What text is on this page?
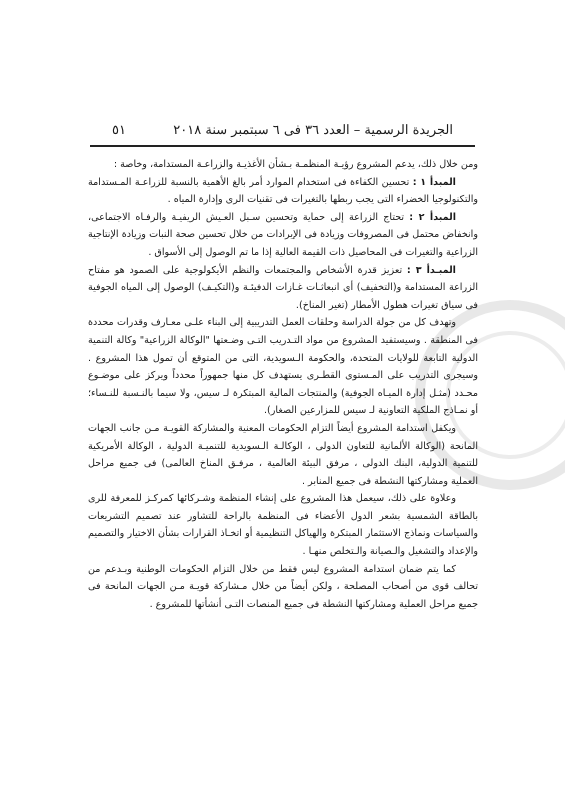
الجريدة الرسمية – العدد ٣٦ فى ٦ سبتمبر سنة ٢٠١٨
٥١

ومن خلال ذلك، يدعم المشروع رؤيـة المنظمـة بـشأن الأغذيـة والزراعـة المستدامة، وخاصة :

المبدأ ١ : تحسين الكفاءة فى استخدام الموارد أمر بالغ الأهمية بالنسبة للزراعـة المـستدامة والتكنولوجيا الخضراء التى يجب ربطها بالتغيرات فى تقنيات الرى وإدارة المياه .

المبدأ ٢ : تحتاج الزراعة إلى حماية وتحسين سـبل العـيش الريفيـة والرفـاه الاجتماعى، وانخفاض محتمل فى المصروفات وزيادة فى الإيرادات من خلال تحسين صحة النبات وزيادة الإنتاجية الزراعية والتغيرات فى المحاصيل ذات القيمة العالية إذا ما تم الوصول إلى الأسواق .

المبـدأ ٣ : تعزيز قدرة الأشخاص والمجتمعات والنظم الأيكولوجية على الصمود هو مفتاح الزراعة المستدامة و(التخفيف) أى انبعاثـات غـازات الدفيئـة و(التكيـف) الوصول إلى المياه الجوفية فى سياق تغيرات هطول الأمطار (تغير المناخ).

وتهدف كل من جولة الدراسة وحلقات العمل التدريبية إلى البناء علـى معـارف وقدرات محددة فى المنطقة . وسيستفيد المشروع من مواد التـدريب التـى وضـعتها "الوكالة الزراعية" وكالة التنمية الدولية التابعة للولايات المتحدة، والحكومة الـسويدية، التى من المتوقع أن تمول هذا المشروع . وسيجرى التدريب على المـستوى القطـرى يستهدف كل منها جمهوراً محدداً ويركز على موضـوع محـدد (مثـل إدارة الميـاه الجوفية) والمنتجات المالية المبتكرة لـ سيس، ولا سيما بالنـسبة للنـساء؛ أو نمـاذج الملكية التعاونية لـ سيس للمزارعين الصغار).

ويكفل استدامة المشروع أيضاً التزام الحكومات المعنية والمشاركة القويـة مـن جانب الجهات المانحة (الوكالة الألمانية للتعاون الدولى ، الوكالـة الـسويدية للتنميـة الدولية ، الوكالة الأمريكية للتنمية الدولية، البنك الدولى ، مرفق البيئة العالمية ، مرفـق المناخ العالمى) فى جميع مراحل العملية ومشاركتها النشطة فى جميع المنابر .

وعلاوة على ذلك، سيعمل هذا المشروع على إنشاء المنظمة وشـركائها كمركـز للمعرفة للرى بالطاقة الشمسية بشعر الدول الأعضاء فى المنظمة بالراحة للتشاور عند تصميم التشريعات والسياسات ونماذج الاستثمار المبتكرة والهياكل التنظيمية أو اتخـاذ القرارات بشأن الاختيار والتصميم والإعداد والتشغيل والـصيانة والـتخلص منهـا .

كما يتم ضمان استدامة المشروع ليس فقط من خلال التزام الحكومات الوطنية وبـدعم من تحالف قوى من أصحاب المصلحة ، ولكن أيضاً من خلال مـشاركة قويـة مـن الجهات المانحة فى جميع مراحل العملية ومشاركتها النشطة فى جميع المنصات التـى أنشأتها للمشروع .
